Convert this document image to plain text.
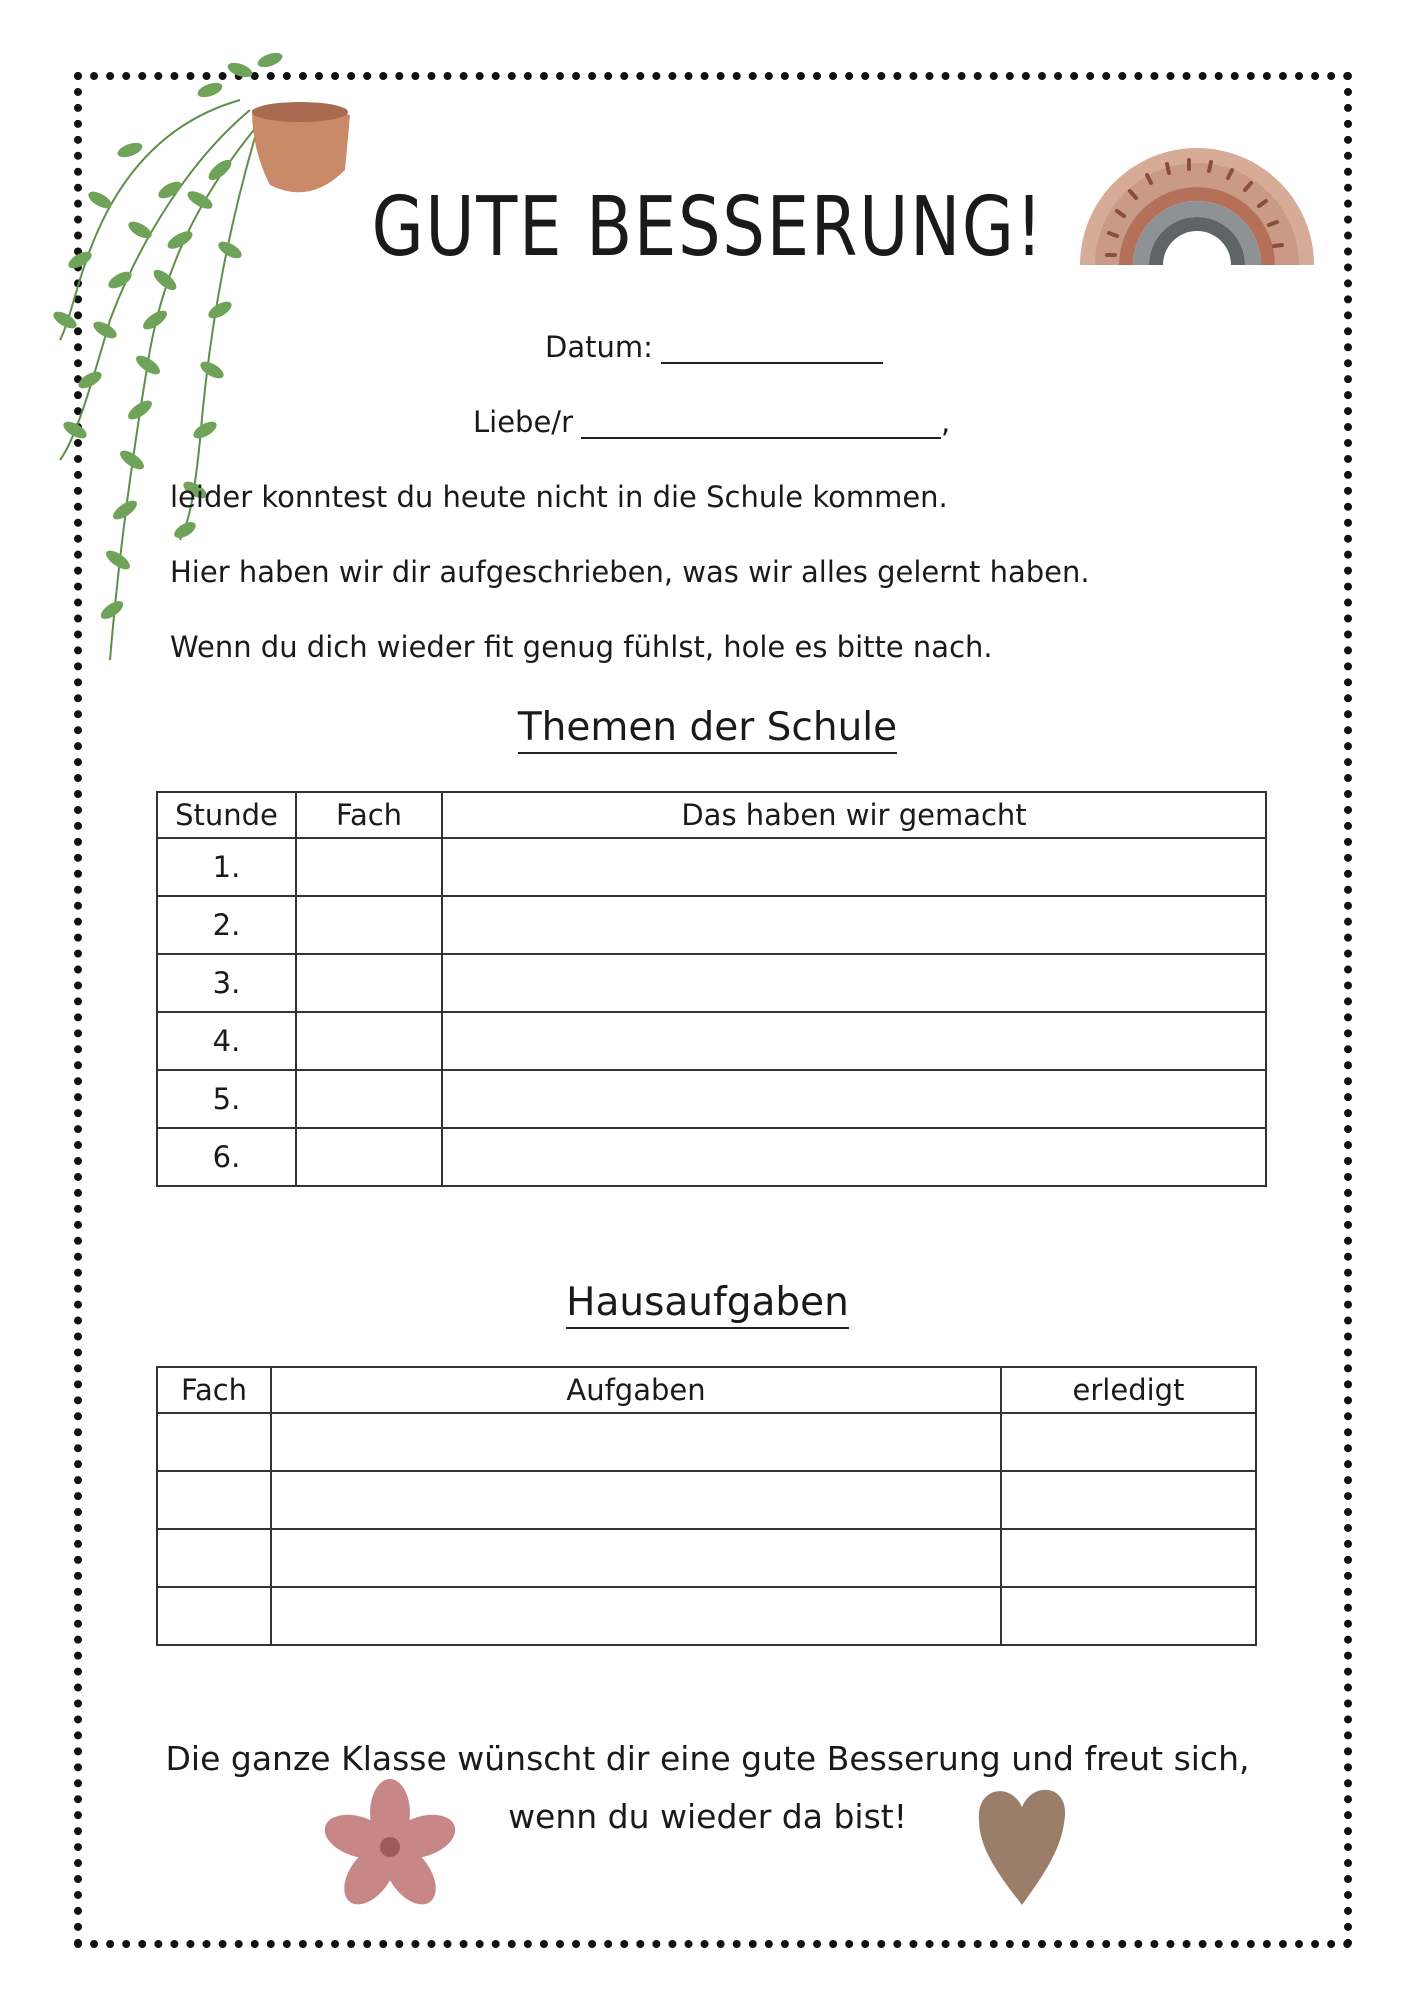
GUTE BESSERUNG!
Datum:
Liebe/r	,
leider konntest du heute nicht in die Schule kommen.
Hier haben wir dir aufgeschrieben, was wir alles gelernt haben.
Wenn du dich wieder fit genug fühlst, hole es bitte nach.
Themen der Schule
Stunde	Fach	Das haben wir gemacht
1.		
2.		
3.		
4.		
5.		
6.		
Hausaufgaben
Fach	Aufgaben	erledigt

Die ganze Klasse wünscht dir eine gute Besserung und freut sich,
wenn du wieder da bist!
